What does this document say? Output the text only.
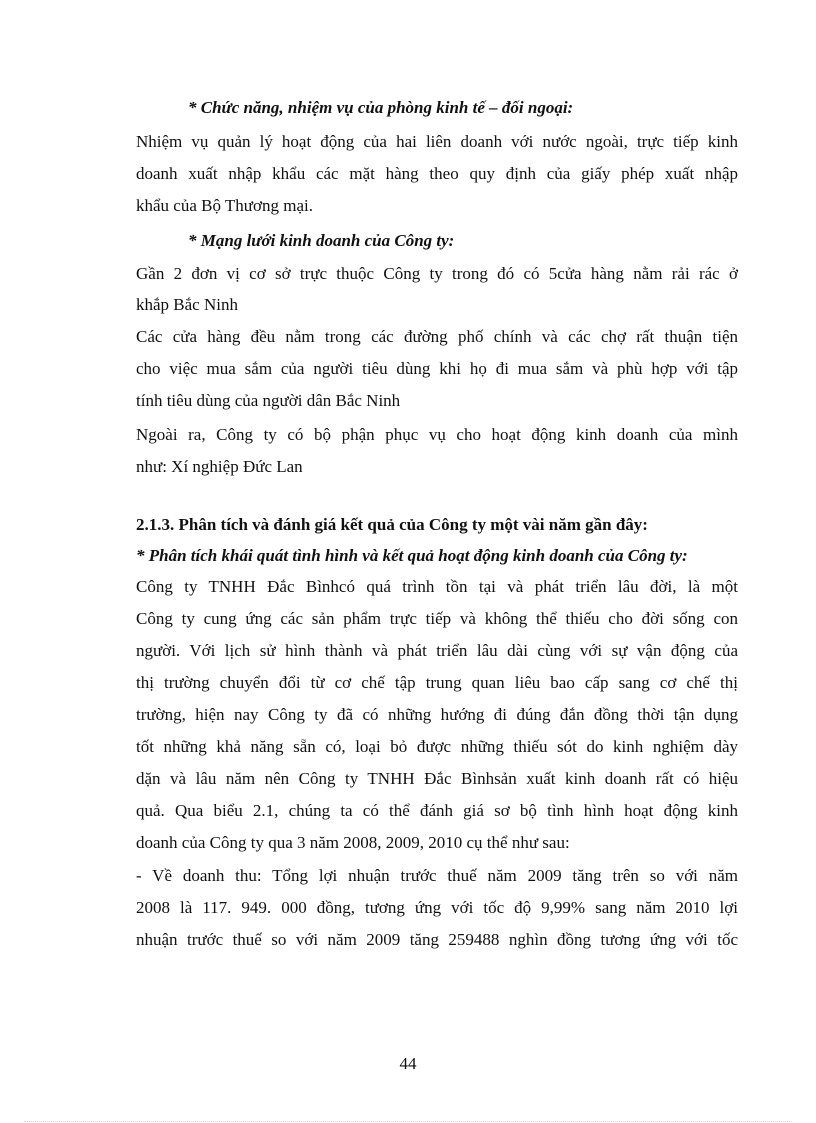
* Chức năng, nhiệm vụ của phòng kinh tế – đối ngoại:
Nhiệm vụ quản lý hoạt động của hai liên doanh với nước ngoài, trực tiếp kinh
doanh xuất nhập khẩu các mặt hàng theo quy định của giấy phép xuất nhập
khẩu của Bộ Thương mại.
* Mạng lưới kinh doanh của Công ty:
Gần 2 đơn vị cơ sở trực thuộc Công ty trong đó có 5cửa hàng nằm rải rác ở
khắp Bắc Ninh
Các cửa hàng đều nằm trong các đường phố chính và các chợ rất thuận tiện
cho việc mua sắm của người tiêu dùng khi họ đi mua sắm và phù hợp với tập
tính tiêu dùng của người dân Bắc Ninh
Ngoài ra, Công ty có bộ phận phục vụ cho hoạt động kinh doanh của mình
như: Xí nghiệp Đức Lan
2.1.3. Phân tích và đánh giá kết quả của Công ty một vài năm gần đây:
* Phân tích khái quát tình hình và kết quả hoạt động kinh doanh của Công ty:
Công ty TNHH Đắc Bìnhcó quá trình tồn tại và phát triển lâu đời, là một
Công ty cung ứng các sản phẩm trực tiếp và không thể thiếu cho đời sống con
người. Với lịch sử hình thành và phát triển lâu dài cùng với sự vận động của
thị trường chuyển đổi từ cơ chế tập trung quan liêu bao cấp sang cơ chế thị
trường, hiện nay Công ty đã có những hướng đi đúng đắn đồng thời tận dụng
tốt những khả năng sẵn có, loại bỏ được những thiếu sót do kinh nghiệm dày
dặn và lâu năm nên Công ty TNHH Đắc Bìnhsản xuất kinh doanh rất có hiệu
quả. Qua biểu 2.1, chúng ta có thể đánh giá sơ bộ tình hình hoạt động kinh
doanh của Công ty qua 3 năm 2008, 2009, 2010 cụ thể như sau:
- Về doanh thu: Tổng lợi nhuận trước thuế năm 2009 tăng trên so với năm
2008 là 117. 949. 000 đồng, tương ứng với tốc độ 9,99% sang năm 2010 lợi
nhuận trước thuế so với năm 2009 tăng 259488 nghìn đồng tương ứng với tốc
44
